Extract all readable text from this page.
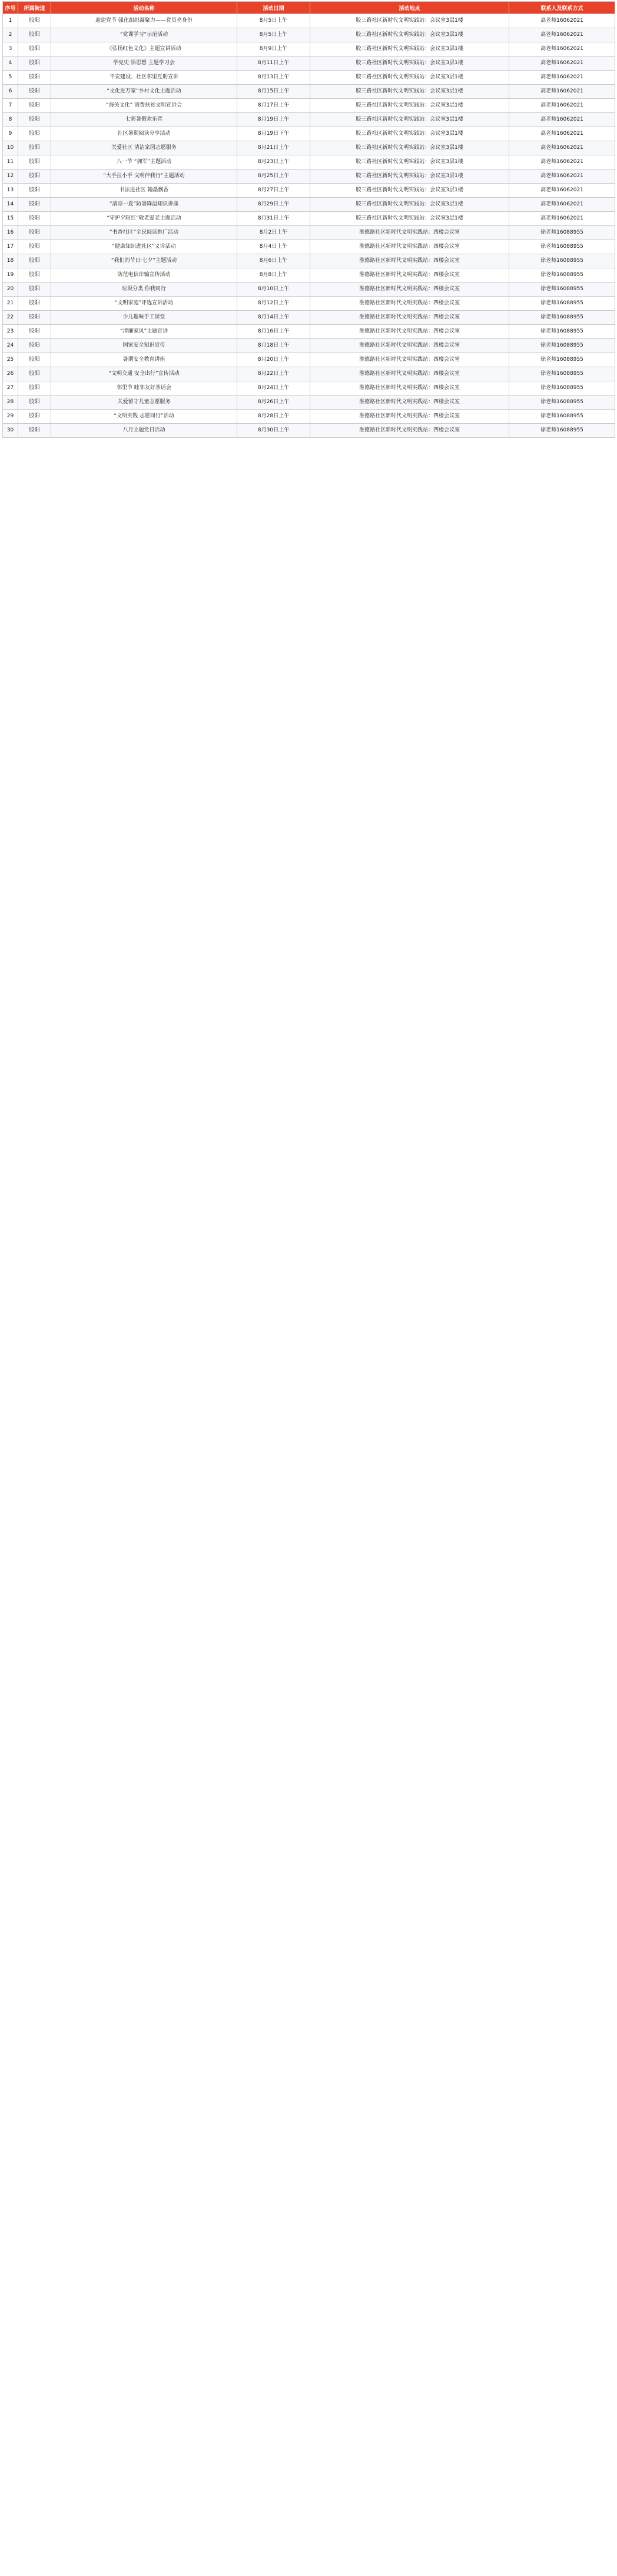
序号	所属街道	活动名称	活动日期	活动地点	联系人及联系方式
1	胶阳	迎建党节 强化组织凝聚力——党员亮身份	8月5日上午	胶三路社区新时代文明实践站：会议室3层1楼	高老师16062021
2	胶阳	“党课学习”示范活动	8月5日上午	胶三路社区新时代文明实践站：会议室3层1楼	高老师16062021
3	胶阳	《弘扬红色文化》主题宣讲活动	8月9日上午	胶三路社区新时代文明实践站：会议室3层1楼	高老师16062021
4	胶阳	学党史 悟思想 主题学习会	8月11日上午	胶三路社区新时代文明实践站：会议室3层1楼	高老师16062021
5	胶阳	平安建设、社区邻里互助宣讲	8月13日上午	胶三路社区新时代文明实践站：会议室3层1楼	高老师16062021
6	胶阳	“文化进万家”乡村文化主题活动	8月15日上午	胶三路社区新时代文明实践站：会议室3层1楼	高老师16062021
7	胶阳	“海关文化” 消费扶贫文明宣讲会	8月17日上午	胶三路社区新时代文明实践站：会议室3层1楼	高老师16062021
8	胶阳	七彩暑假欢乐营	8月19日上午	胶三路社区新时代文明实践站：会议室3层1楼	高老师16062021
9	胶阳	社区暑期阅读分享活动	8月19日下午	胶三路社区新时代文明实践站：会议室3层1楼	高老师16062021
10	胶阳	关爱社区 清洁家园志愿服务	8月21日上午	胶三路社区新时代文明实践站：会议室3层1楼	高老师16062021
11	胶阳	八一节 “拥军”主题活动	8月23日上午	胶三路社区新时代文明实践站：会议室3层1楼	高老师16062021
12	胶阳	“大手拉小手 文明伴我行”主题活动	8月25日上午	胶三路社区新时代文明实践站：会议室3层1楼	高老师16062021
13	胶阳	书法进社区 翰墨飘香	8月27日上午	胶三路社区新时代文明实践站：会议室3层1楼	高老师16062021
14	胶阳	“清凉一夏”防暑降温知识讲座	8月29日上午	胶三路社区新时代文明实践站：会议室3层1楼	高老师16062021
15	胶阳	“守护夕阳红”敬老爱老主题活动	8月31日上午	胶三路社区新时代文明实践站：会议室3层1楼	高老师16062021
16	胶阳	“书香社区”全民阅读推广活动	8月2日上午	淮德路社区新时代文明实践站：四楼会议室	徐老师16088955
17	胶阳	“健康知识进社区”义诊活动	8月4日上午	淮德路社区新时代文明实践站：四楼会议室	徐老师16088955
18	胶阳	“我们的节日·七夕”主题活动	8月6日上午	淮德路社区新时代文明实践站：四楼会议室	徐老师16088955
19	胶阳	防范电信诈骗宣传活动	8月8日上午	淮德路社区新时代文明实践站：四楼会议室	徐老师16088955
20	胶阳	垃圾分类 你我同行	8月10日上午	淮德路社区新时代文明实践站：四楼会议室	徐老师16088955
21	胶阳	“文明家庭”评选宣讲活动	8月12日上午	淮德路社区新时代文明实践站：四楼会议室	徐老师16088955
22	胶阳	少儿趣味手工课堂	8月14日上午	淮德路社区新时代文明实践站：四楼会议室	徐老师16088955
23	胶阳	“清廉家风”主题宣讲	8月16日上午	淮德路社区新时代文明实践站：四楼会议室	徐老师16088955
24	胶阳	国家安全知识宣传	8月18日上午	淮德路社区新时代文明实践站：四楼会议室	徐老师16088955
25	胶阳	暑期安全教育讲座	8月20日上午	淮德路社区新时代文明实践站：四楼会议室	徐老师16088955
26	胶阳	“文明交通 安全出行”宣传活动	8月22日上午	淮德路社区新时代文明实践站：四楼会议室	徐老师16088955
27	胶阳	邻里节 睦邻友好茶话会	8月24日上午	淮德路社区新时代文明实践站：四楼会议室	徐老师16088955
28	胶阳	关爱留守儿童志愿服务	8月26日上午	淮德路社区新时代文明实践站：四楼会议室	徐老师16088955
29	胶阳	“文明实践 志愿同行”活动	8月28日上午	淮德路社区新时代文明实践站：四楼会议室	徐老师16088955
30	胶阳	八月主题党日活动	8月30日上午	淮德路社区新时代文明实践站：四楼会议室	徐老师16088955
